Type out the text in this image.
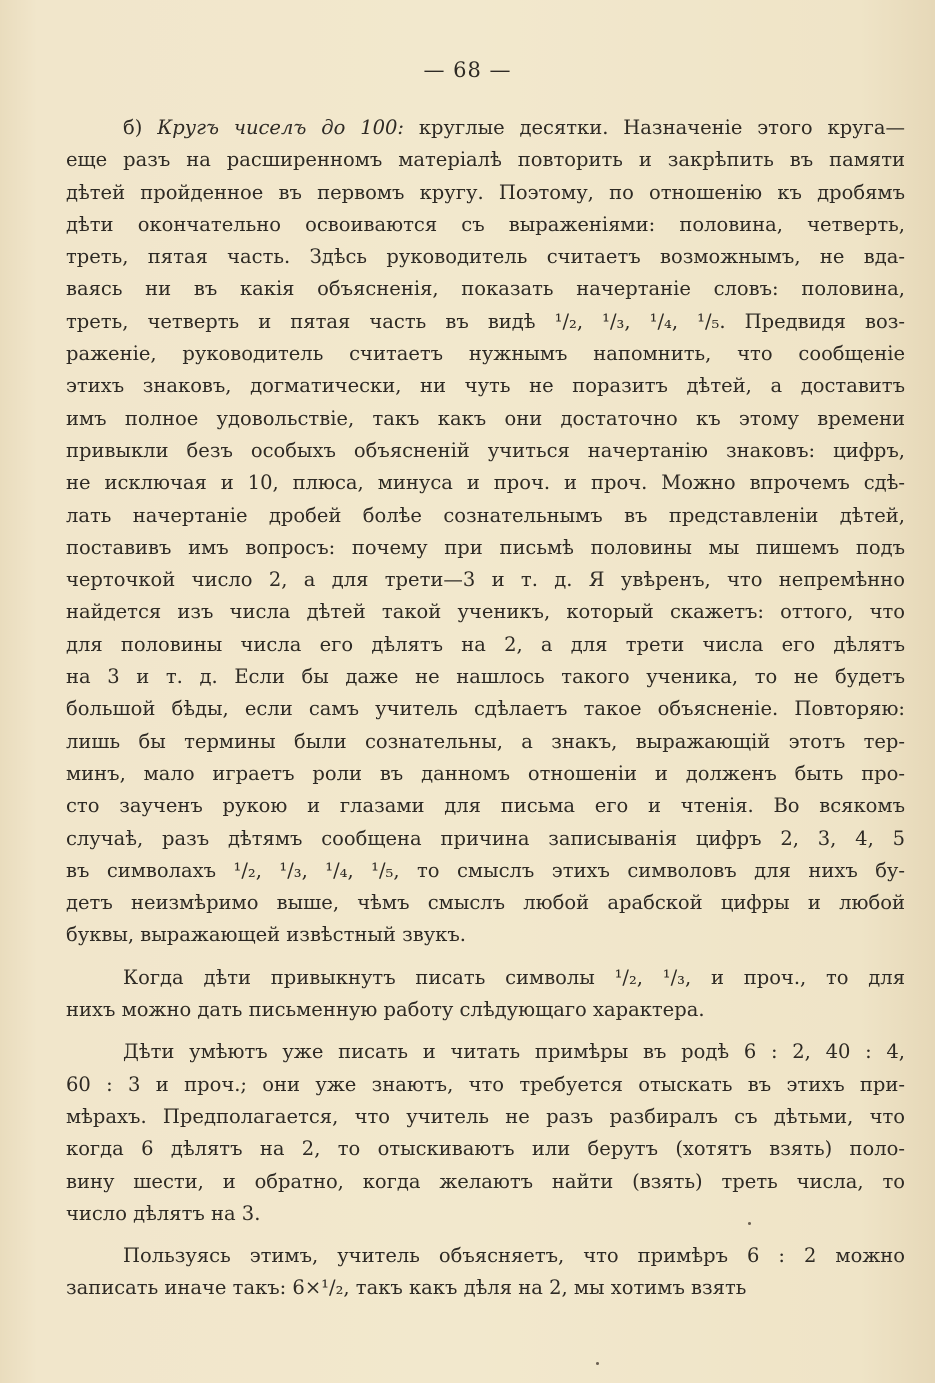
— 68 —
б) Кругъ чиселъ до 100: круглые десятки. Назначеніе этого круга—
еще разъ на расширенномъ матеріалѣ повторить и закрѣпить въ памяти
дѣтей пройденное въ первомъ кругу. Поэтому, по отношенію къ дробямъ
дѣти окончательно освоиваются съ выраженіями: половина, четверть,
треть, пятая часть. Здѣсь руководитель считаетъ возможнымъ, не вда-
ваясь ни въ какія объясненія, показать начертаніе словъ: половина,
треть, четверть и пятая часть въ видѣ ¹/₂, ¹/₃, ¹/₄, ¹/₅. Предвидя воз-
раженіе, руководитель считаетъ нужнымъ напомнить, что сообщеніе
этихъ знаковъ, догматически, ни чуть не поразитъ дѣтей, а доставитъ
имъ полное удовольствіе, такъ какъ они достаточно къ этому времени
привыкли безъ особыхъ объясненій учиться начертанію знаковъ: цифръ,
не исключая и 10, плюса, минуса и проч. и проч. Можно впрочемъ сдѣ-
лать начертаніе дробей болѣе сознательнымъ въ представленіи дѣтей,
поставивъ имъ вопросъ: почему при письмѣ половины мы пишемъ подъ
черточкой число 2, а для трети—3 и т. д. Я увѣренъ, что непремѣнно
найдется изъ числа дѣтей такой ученикъ, который скажетъ: оттого, что
для половины числа его дѣлятъ на 2, а для трети числа его дѣлятъ
на 3 и т. д. Если бы даже не нашлось такого ученика, то не будетъ
большой бѣды, если самъ учитель сдѣлаетъ такое объясненіе. Повторяю:
лишь бы термины были сознательны, а знакъ, выражающій этотъ тер-
минъ, мало играетъ роли въ данномъ отношеніи и долженъ быть про-
сто заученъ рукою и глазами для письма его и чтенія. Во всякомъ
случаѣ, разъ дѣтямъ сообщена причина записыванія цифръ 2, 3, 4, 5
въ символахъ ¹/₂, ¹/₃, ¹/₄, ¹/₅, то смыслъ этихъ символовъ для нихъ бу-
детъ неизмѣримо выше, чѣмъ смыслъ любой арабской цифры и любой
буквы, выражающей извѣстный звукъ.
Когда дѣти привыкнутъ писать символы ¹/₂, ¹/₃, и проч., то для
нихъ можно дать письменную работу слѣдующаго характера.
Дѣти умѣютъ уже писать и читать примѣры въ родѣ 6 : 2, 40 : 4,
60 : 3 и проч.; они уже знаютъ, что требуется отыскать въ этихъ при-
мѣрахъ. Предполагается, что учитель не разъ разбиралъ съ дѣтьми, что
когда 6 дѣлятъ на 2, то отыскиваютъ или берутъ (хотятъ взять) поло-
вину шести, и обратно, когда желаютъ найти (взять) треть числа, то
число дѣлятъ на 3.
Пользуясь этимъ, учитель объясняетъ, что примѣръ 6 : 2 можно
записать иначе такъ: 6×¹/₂, такъ какъ дѣля на 2, мы хотимъ взять
